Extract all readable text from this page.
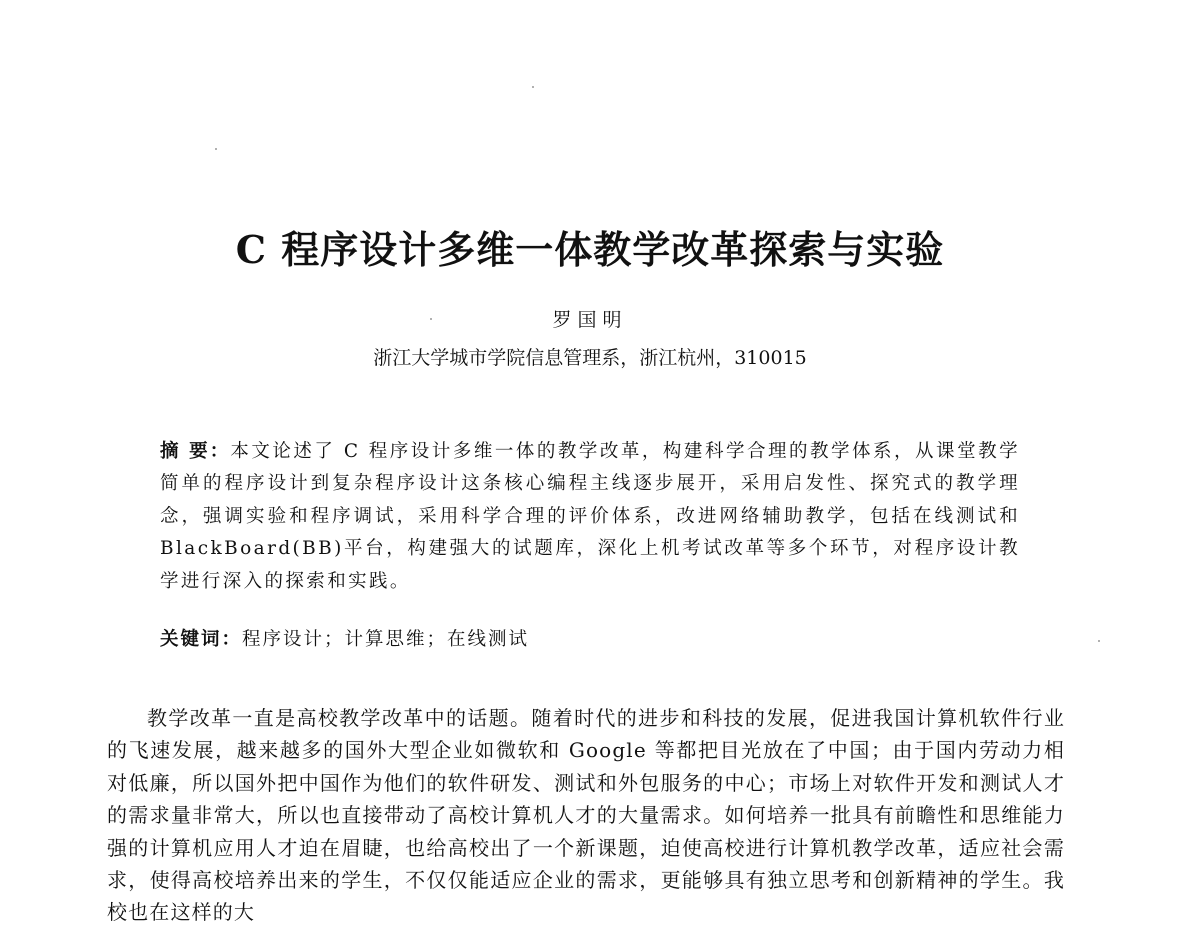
C 程序设计多维一体教学改革探索与实验
罗国明
浙江大学城市学院信息管理系，浙江杭州，310015

摘 要：本文论述了 C 程序设计多维一体的教学改革，构建科学合理的教学体系，从课堂教学简单的程序设计到复杂程序设计这条核心编程主线逐步展开，采用启发性、探究式的教学理念，强调实验和程序调试，采用科学合理的评价体系，改进网络辅助教学，包括在线测试和 BlackBoard(BB)平台，构建强大的试题库，深化上机考试改革等多个环节，对程序设计教学进行深入的探索和实践。

关键词：程序设计；计算思维；在线测试

教学改革一直是高校教学改革中的话题。随着时代的进步和科技的发展，促进我国计算机软件行业的飞速发展，越来越多的国外大型企业如微软和 Google 等都把目光放在了中国；由于国内劳动力相对低廉，所以国外把中国作为他们的软件研发、测试和外包服务的中心；市场上对软件开发和测试人才的需求量非常大，所以也直接带动了高校计算机人才的大量需求。如何培养一批具有前瞻性和思维能力强的计算机应用人才迫在眉睫，也给高校出了一个新课题，迫使高校进行计算机教学改革，适应社会需求，使得高校培养出来的学生，不仅仅能适应企业的需求，更能够具有独立思考和创新精神的学生。我校也在这样的大
